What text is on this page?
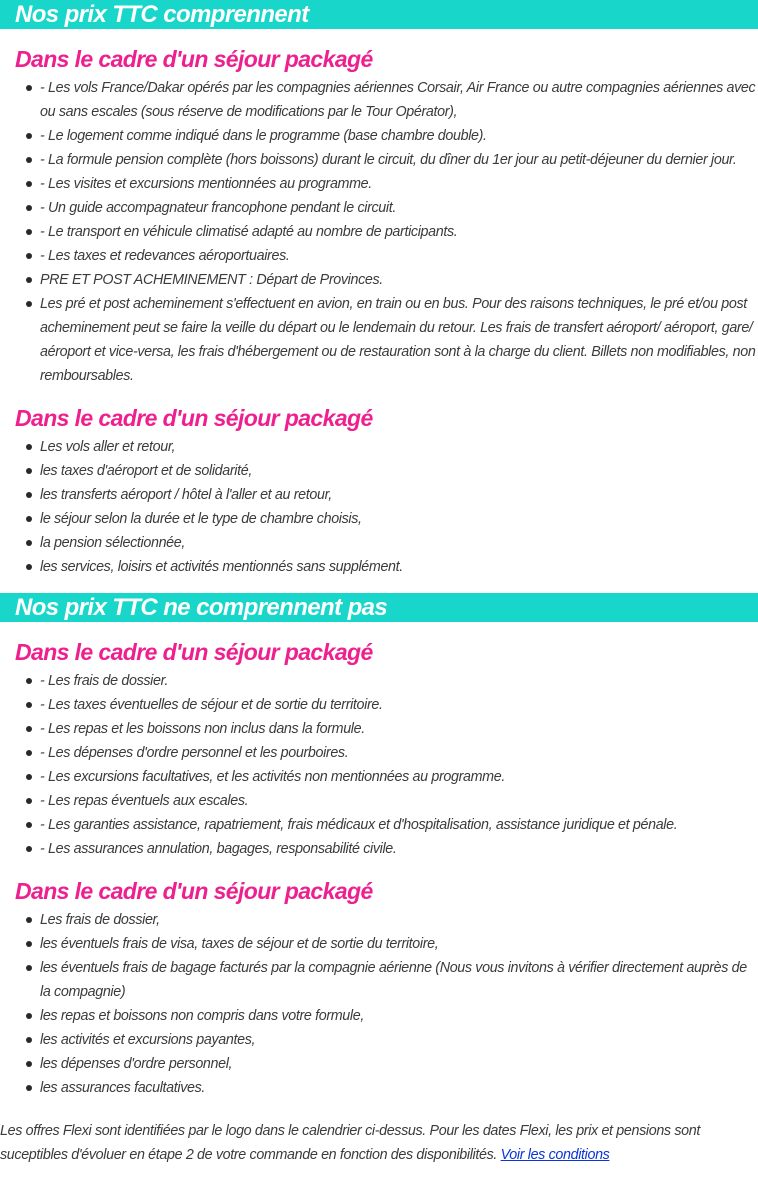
Nos prix TTC comprennent
Dans le cadre d'un séjour packagé
- Les vols France/Dakar opérés par les compagnies aériennes Corsair, Air France ou autre compagnies aériennes avec ou sans escales (sous réserve de modifications par le Tour Opérator),
- Le logement comme indiqué dans le programme (base chambre double).
- La formule pension complète (hors boissons) durant le circuit, du dîner du 1er jour au petit-déjeuner du dernier jour.
- Les visites et excursions mentionnées au programme.
- Un guide accompagnateur francophone pendant le circuit.
- Le transport en véhicule climatisé adapté au nombre de participants.
- Les taxes et redevances aéroportuaires.
PRE ET POST ACHEMINEMENT : Départ de Provinces.
Les pré et post acheminement s'effectuent en avion, en train ou en bus. Pour des raisons techniques, le pré et/ou post acheminement peut se faire la veille du départ ou le lendemain du retour. Les frais de transfert aéroport/ aéroport, gare/ aéroport et vice-versa, les frais d'hébergement ou de restauration sont à la charge du client. Billets non modifiables, non remboursables.
Dans le cadre d'un séjour packagé
Les vols aller et retour,
les taxes d'aéroport et de solidarité,
les transferts aéroport / hôtel à l'aller et au retour,
le séjour selon la durée et le type de chambre choisis,
la pension sélectionnée,
les services, loisirs et activités mentionnés sans supplément.
Nos prix TTC ne comprennent pas
Dans le cadre d'un séjour packagé
- Les frais de dossier.
- Les taxes éventuelles de séjour et de sortie du territoire.
- Les repas et les boissons non inclus dans la formule.
- Les dépenses d'ordre personnel et les pourboires.
- Les excursions facultatives, et les activités non mentionnées au programme.
- Les repas éventuels aux escales.
- Les garanties assistance, rapatriement, frais médicaux et d'hospitalisation, assistance juridique et pénale.
- Les assurances annulation, bagages, responsabilité civile.
Dans le cadre d'un séjour packagé
Les frais de dossier,
les éventuels frais de visa, taxes de séjour et de sortie du territoire,
les éventuels frais de bagage facturés par la compagnie aérienne (Nous vous invitons à vérifier directement auprès de la compagnie)
les repas et boissons non compris dans votre formule,
les activités et excursions payantes,
les dépenses d'ordre personnel,
les assurances facultatives.
Les offres Flexi sont identifiées par le logo dans le calendrier ci-dessus. Pour les dates Flexi, les prix et pensions sont suceptibles d'évoluer en étape 2 de votre commande en fonction des disponibilités. Voir les conditions
